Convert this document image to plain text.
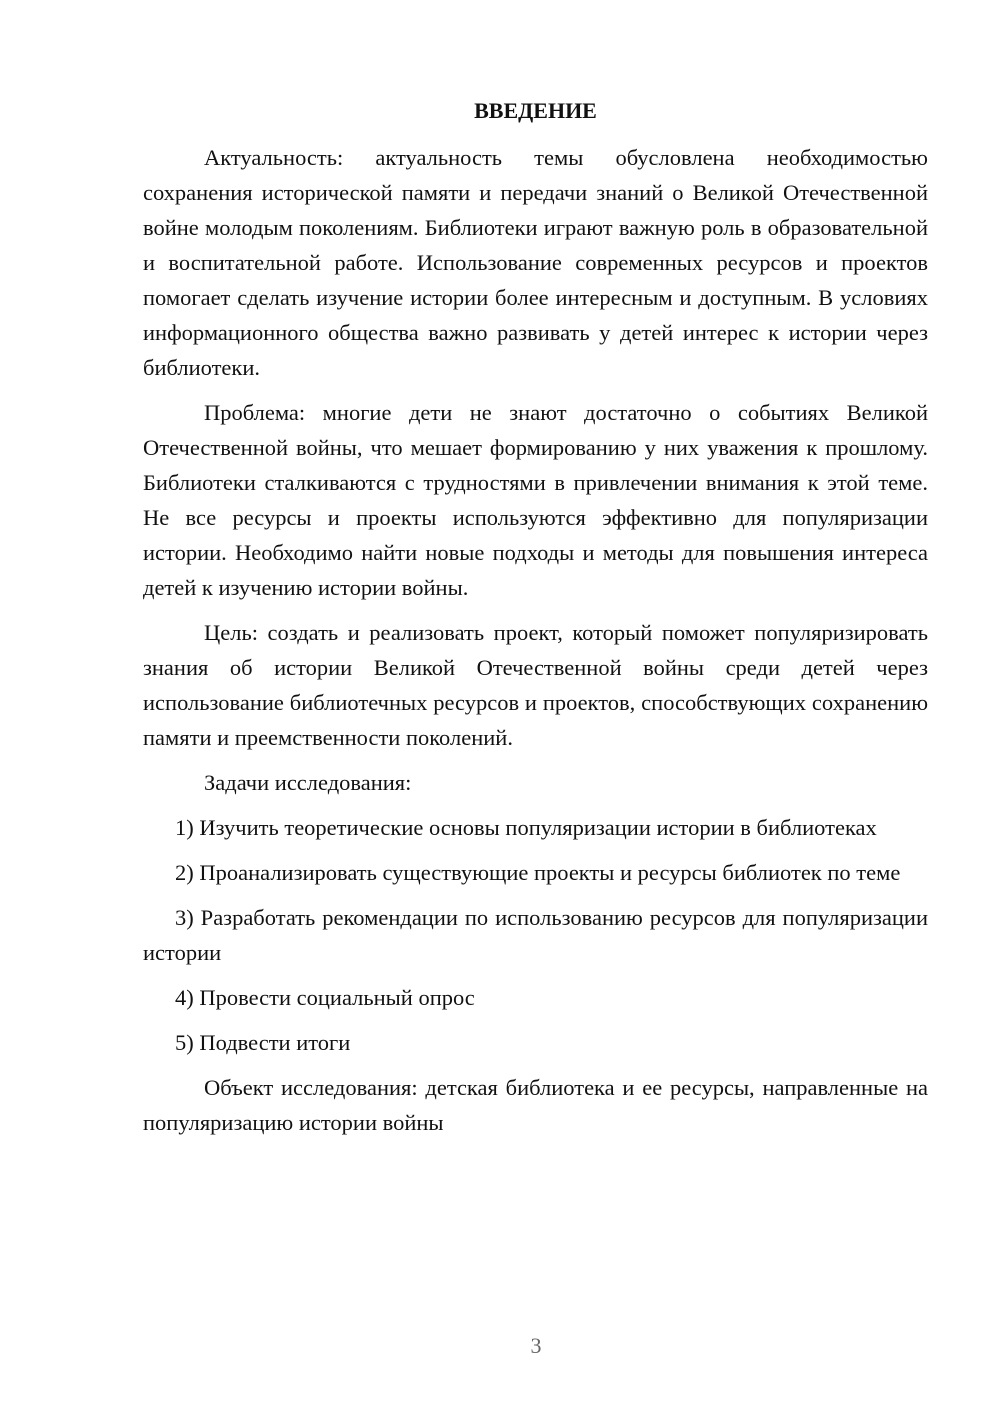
ВВЕДЕНИЕ

Актуальность: актуальность темы обусловлена необходимостью сохранения исторической памяти и передачи знаний о Великой Отечественной войне молодым поколениям. Библиотеки играют важную роль в образовательной и воспитательной работе. Использование современных ресурсов и проектов помогает сделать изучение истории более интересным и доступным. В условиях информационного общества важно развивать у детей интерес к истории через библиотеки.

Проблема: многие дети не знают достаточно о событиях Великой Отечественной войны, что мешает формированию у них уважения к прошлому. Библиотеки сталкиваются с трудностями в привлечении внимания к этой теме. Не все ресурсы и проекты используются эффективно для популяризации истории. Необходимо найти новые подходы и методы для повышения интереса детей к изучению истории войны.

Цель: создать и реализовать проект, который поможет популяризировать знания об истории Великой Отечественной войны среди детей через использование библиотечных ресурсов и проектов, способствующих сохранению памяти и преемственности поколений.

Задачи исследования:

1) Изучить теоретические основы популяризации истории в библиотеках

2) Проанализировать существующие проекты и ресурсы библиотек по теме

3) Разработать рекомендации по использованию ресурсов для популяризации истории

4) Провести социальный опрос

5) Подвести итоги

Объект исследования: детская библиотека и ее ресурсы, направленные на популяризацию истории войны

3
